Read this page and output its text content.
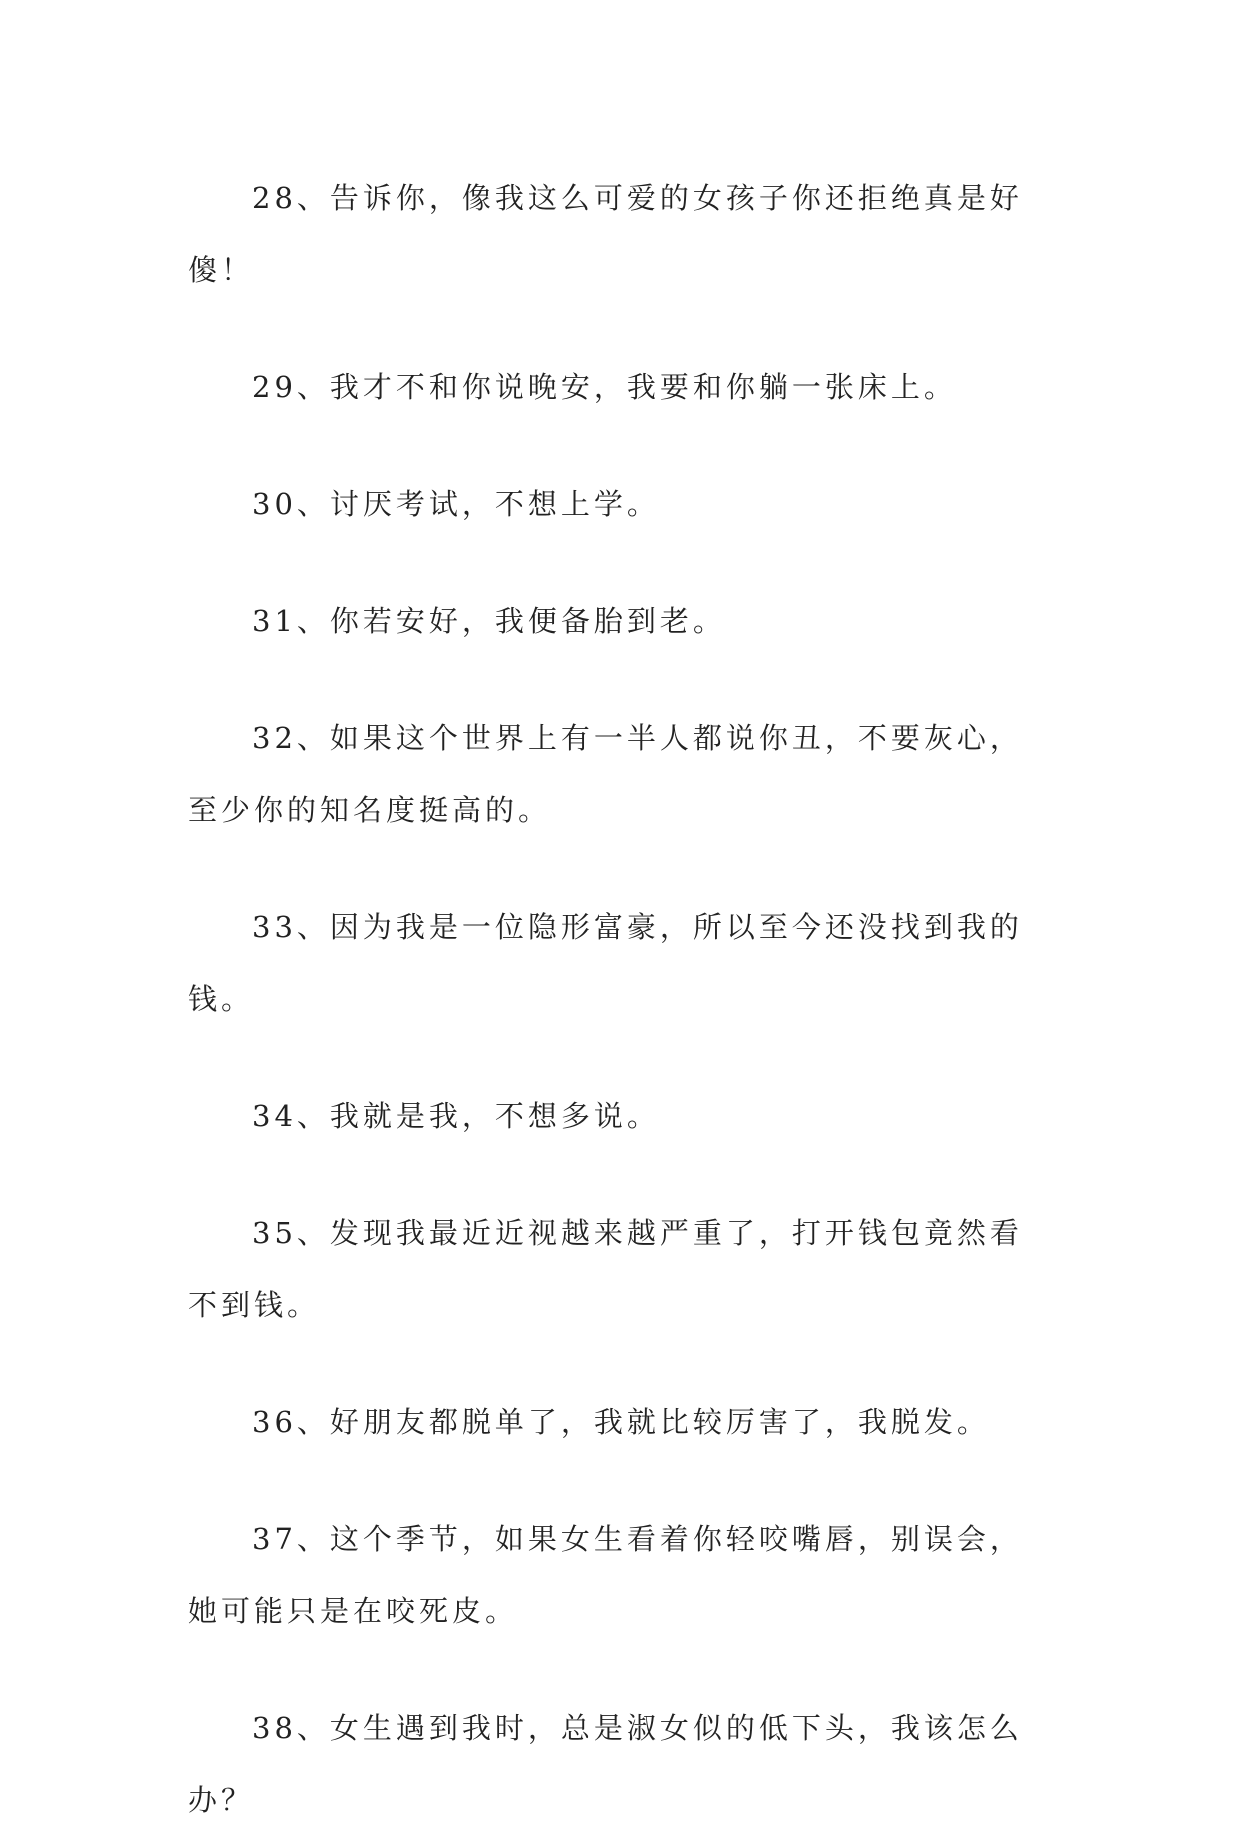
28、告诉你，像我这么可爱的女孩子你还拒绝真是好傻！

29、我才不和你说晚安，我要和你躺一张床上。

30、讨厌考试，不想上学。

31、你若安好，我便备胎到老。

32、如果这个世界上有一半人都说你丑，不要灰心，至少你的知名度挺高的。

33、因为我是一位隐形富豪，所以至今还没找到我的钱。

34、我就是我，不想多说。

35、发现我最近近视越来越严重了，打开钱包竟然看不到钱。

36、好朋友都脱单了，我就比较厉害了，我脱发。

37、这个季节，如果女生看着你轻咬嘴唇，别误会，她可能只是在咬死皮。

38、女生遇到我时，总是淑女似的低下头，我该怎么办？
